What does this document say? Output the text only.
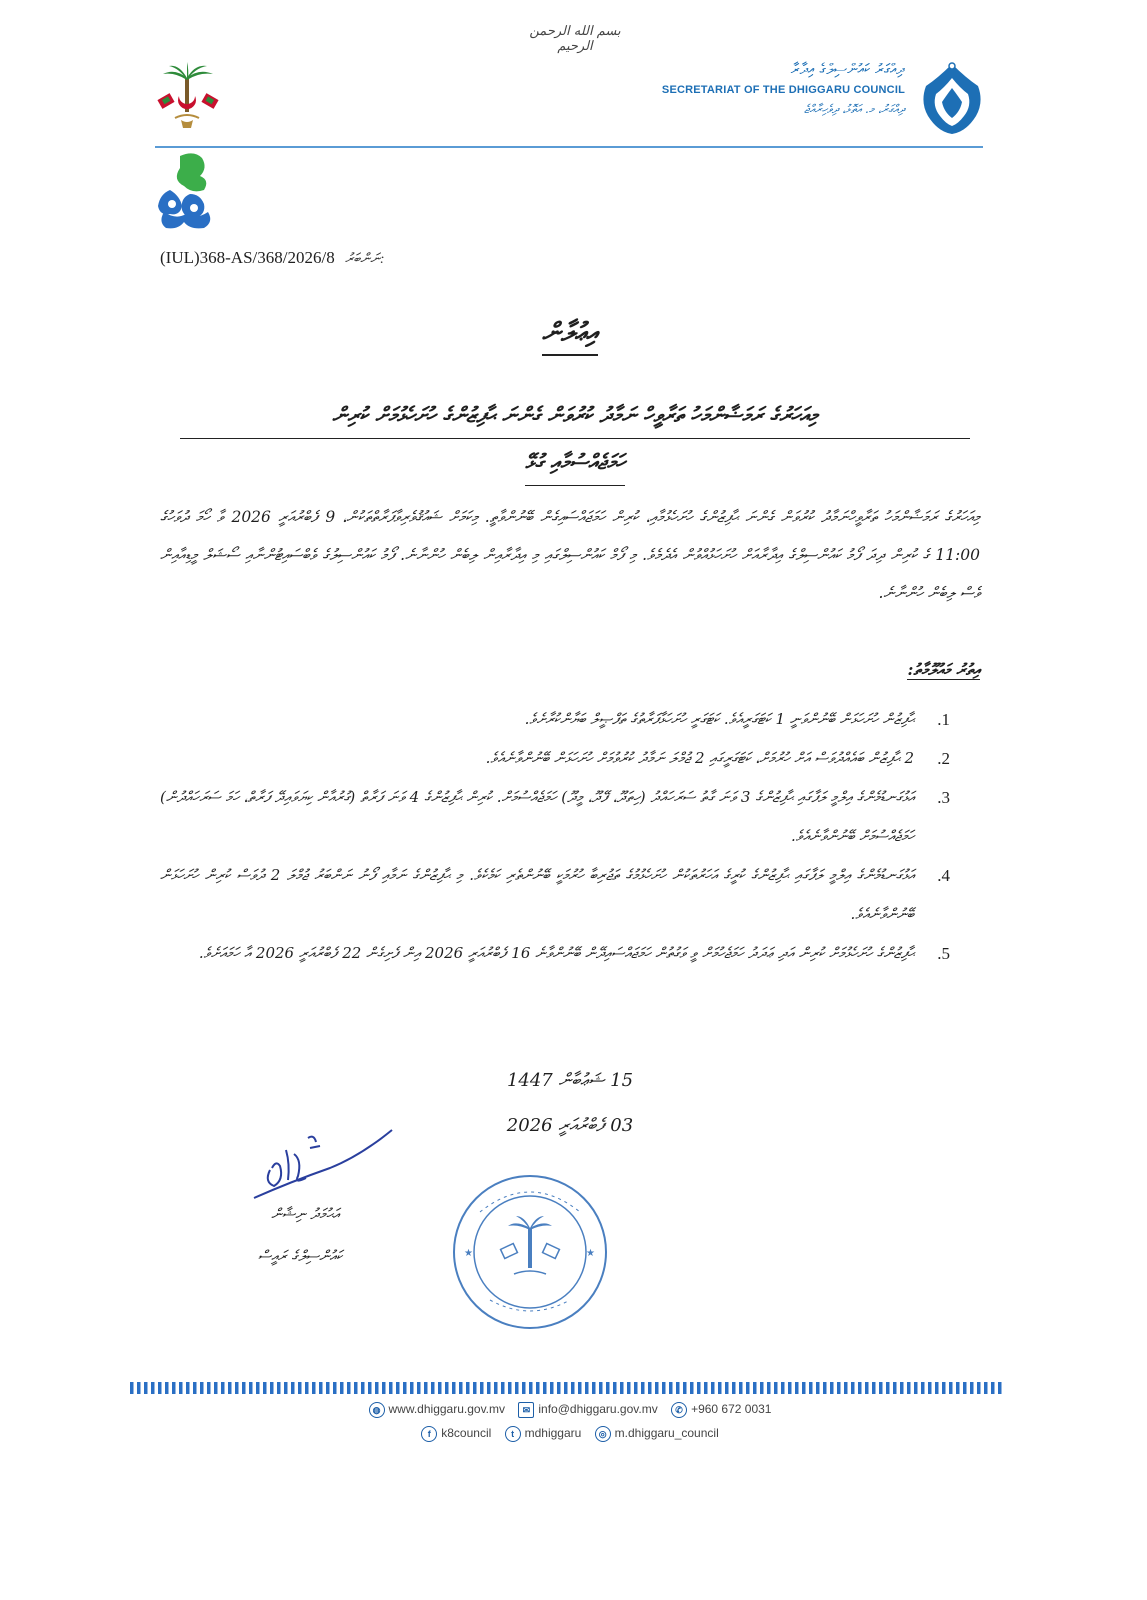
بسم الله الرحمن الرحيم
ދިއްގަރު ކައުންސިލްގެ އިދާރާ
SECRETARIAT OF THE DHIGGARU COUNCIL
ދިއްގަރު، މ. އަތޮޅު، ދިވެހިރާއްޖެ
(IUL)368-AS/368/2026/8 ނަންބަރު:
އިޢުލާން
މިއަހަރުގެ ރަމަޟާންމަހު ތަރާވީހް ނަމާދު ކުރުވަން ގެންނަ ޙާފިޒުންގެ ހުށަހެޅުމަށް ކުރިން
ހަމަޖެއްސުމާއި ގުޅޭ
މިއަހަރުގެ ރަމަޟާންމަހު ތަރާވީހްނަމާދު ކުރުވަން ގެންނަ ޙާފިޒުންގެ ހުށަހެޅުމާއި، ކުރިން ހަމަޖައްސައިގެން ބޭނުންވާތީ. މިކަމަށް ޝައުޤުވެރިވާފަރާތްތަކުން، 9 ފެބްރުއަރީ 2026 ވާ ހޯމަ ދުވަހުގެ 11:00 ގެ ކުރިން ދިދަ ފޯމު ކައުންސިލްގެ އިދާރާއަށް ހުށަހަޅުއްވުން އެދެމެވެ. މި ފޯމް ކައުންސިލްގައި މި އިދާރާއިން ލިބެން ހުންނާނެ. ފޯމު ކައުންސިލުގެ ވެބްސައިޓުންނާއި ސޯޝަލް މީޑިއާއިން ވެސް ލިބެން ހުންނާނެ.
އިތުރު މައުލޫމާތު:
1.
ޙާފިޒުން ހުށަހަޅަން ބޭނުންވަނީ 1 ކަޓަގަރީއެވެ. ކަޓަގަރީ ހުށަހަޅާފަރާތުގެ ތަފްޞީލް ބަޔާންކުރާށެވެ.
2.
2 ޙާފިޒުން ބައެއްދުވަސް އަށް ހުރުމަށް، ކަޓަގަރީގައި 2 ޖުމްލަ ނަމާދު ކުރުވުމަށް ހުށަހަޅަން ބޭނުންވާނެއެވެ.
3.
އަޅުގަނޑުމެންގެ އިލްމީ ލަފާގައި ޙާފިޒުންގެ 3 ވަނަ ގާތު ސަރަހައްދު (ހިތަދޫ، ފޭދޫ، މީދޫ) ހަމަޖެއްސުމަށް. ކުރިން ޙާފިޒުންގެ 4 ވަނަ ފަރާތް (ގުރުއާން ކިޔަވައިދޭ ފަރާތް، ހަމަ ސަރަހައްދުން) ހަމަޖެއްސުމަށް ބޭނުންވާނެއެވެ.
4.
އަޅުގަނޑުމެންގެ އިލްމީ ލަފާގައި ޙާފިޒުންގެ ކުރީގެ އަހަރުތަކުން ހުށަހެޅުމުގެ ތަޖުރިބާ ހުރުމަކީ ބޭނުންތެރި ކަމެކެވެ. މި ޙާފިޒުންގެ ނަމާއި ފޯނު ނަންބަރު ޖުމްލަ 2 ދުވަސް ކުރިން ހުށަހަޅަން ބޭނުންވާނެއެވެ.
5.
ޙާފިޒުންގެ ހުށަހެޅުމަށް ކުރިން އަދި ޢަދަދު ހަމަޖެހުމަށް ވީ ވަގުތުން ހަމަޖައްސައިދޭން ބޭނުންވާނެ 16 ފެބްރުއަރީ 2026 އިން ފެށިގެން 22 ފެބްރުއަރީ 2026 އާ ހަމައަށެވެ.
15 ޝަޢުބާން 1447
03 ފެބްރުއަރީ 2026
އަޙުމަދު ނިޝާން
ކައުންސިލްގެ ރައީސް	★	★
◍ www.dhiggaru.gov.mv ✉ info@dhiggaru.gov.mv ✆ +960 672 0031
f k8council t mdhiggaru ◎ m.dhiggaru_council
